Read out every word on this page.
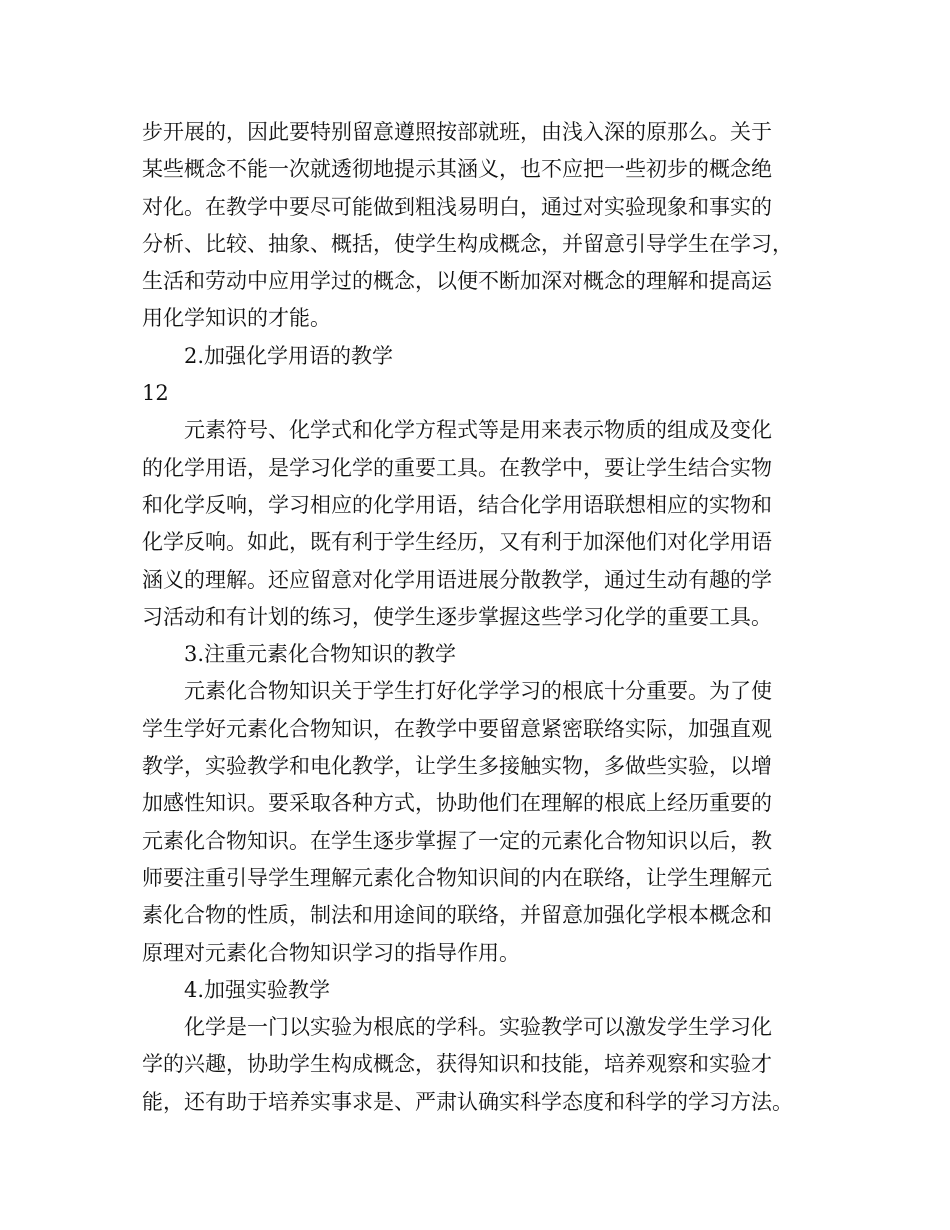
步开展的，因此要特别留意遵照按部就班，由浅入深的原那么。关于
某些概念不能一次就透彻地提示其涵义，也不应把一些初步的概念绝
对化。在教学中要尽可能做到粗浅易明白，通过对实验现象和事实的
分析、比较、抽象、概括，使学生构成概念，并留意引导学生在学习，
生活和劳动中应用学过的概念，以便不断加深对概念的理解和提高运
用化学知识的才能。
2.加强化学用语的教学
12
元素符号、化学式和化学方程式等是用来表示物质的组成及变化
的化学用语，是学习化学的重要工具。在教学中，要让学生结合实物
和化学反响，学习相应的化学用语，结合化学用语联想相应的实物和
化学反响。如此，既有利于学生经历，又有利于加深他们对化学用语
涵义的理解。还应留意对化学用语进展分散教学，通过生动有趣的学
习活动和有计划的练习，使学生逐步掌握这些学习化学的重要工具。
3.注重元素化合物知识的教学
元素化合物知识关于学生打好化学学习的根底十分重要。为了使
学生学好元素化合物知识，在教学中要留意紧密联络实际，加强直观
教学，实验教学和电化教学，让学生多接触实物，多做些实验，以增
加感性知识。要采取各种方式，协助他们在理解的根底上经历重要的
元素化合物知识。在学生逐步掌握了一定的元素化合物知识以后，教
师要注重引导学生理解元素化合物知识间的内在联络，让学生理解元
素化合物的性质，制法和用途间的联络，并留意加强化学根本概念和
原理对元素化合物知识学习的指导作用。
4.加强实验教学
化学是一门以实验为根底的学科。实验教学可以激发学生学习化
学的兴趣，协助学生构成概念，获得知识和技能，培养观察和实验才
能，还有助于培养实事求是、严肃认确实科学态度和科学的学习方法。
